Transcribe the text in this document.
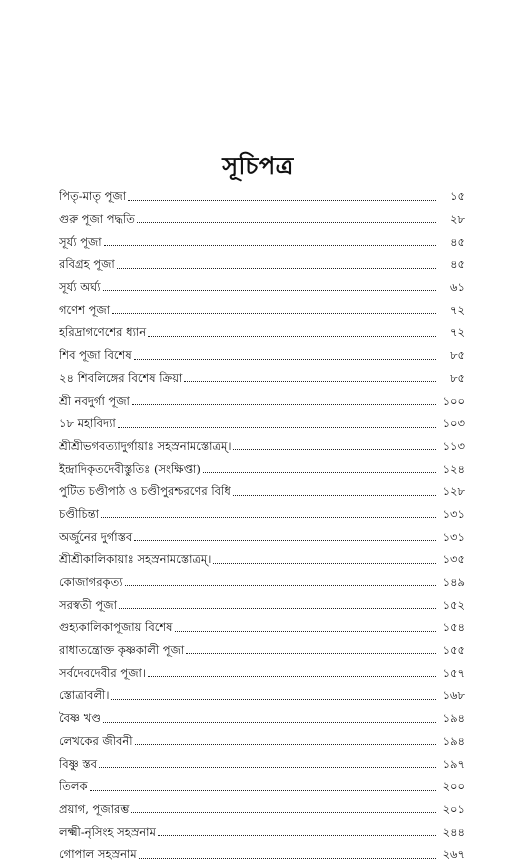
সূচিপত্র
পিতৃ-মাতৃ পূজা	১৫
গুরু পূজা পদ্ধতি	২৮
সূর্য্য পূজা	৪৫
রবিগ্রহ পূজা	৪৫
সূর্য্য অর্ঘ্য	৬১
গণেশ পূজা	৭২
হরিদ্রাগণেশের ধ্যান	৭২
শিব পূজা বিশেষ	৮৫
২৪ শিবলিঙ্গের বিশেষ ক্রিয়া	৮৫
শ্রী নবদুর্গা পূজা	১০০
১৮ মহাবিদ্যা	১০৩
শ্রীশ্রীভগবত্যাদুর্গায়াঃ সহস্রনামস্তোত্রম্।	১১৩
ইন্দ্রাদিকৃতদেবীস্তুতিঃ (সংক্ষিপ্তা)	১২৪
পুটিত চণ্ডীপাঠ ও চণ্ডীপুরশ্চরণের বিধি	১২৮
চণ্ডীচিন্তা	১৩১
অর্জুনের দুর্গাস্তব	১৩১
শ্রীশ্রীকালিকায়াঃ সহস্রনামস্তোত্রম্।	১৩৫
কোজাগরকৃত্য	১৪৯
সরস্বতী পূজা	১৫২
গুহ্যকালিকাপূজায় বিশেষ	১৫৪
রাধাতন্ত্রোক্ত কৃষ্ণকালী পূজা	১৫৫
সর্বদেবদেবীর পূজা।	১৫৭
স্তোত্রাবলী।	১৬৮
বৈষ্ণ খণ্ড	১৯৪
লেখকের জীবনী	১৯৪
বিষ্ণু স্তব	১৯৭
তিলক	২০০
প্রয়াগ, পূজারম্ভ	২০১
লক্ষ্মী-নৃসিংহ সহস্রনাম	২৪৪
গোপাল সহস্রনাম	২৬৭
